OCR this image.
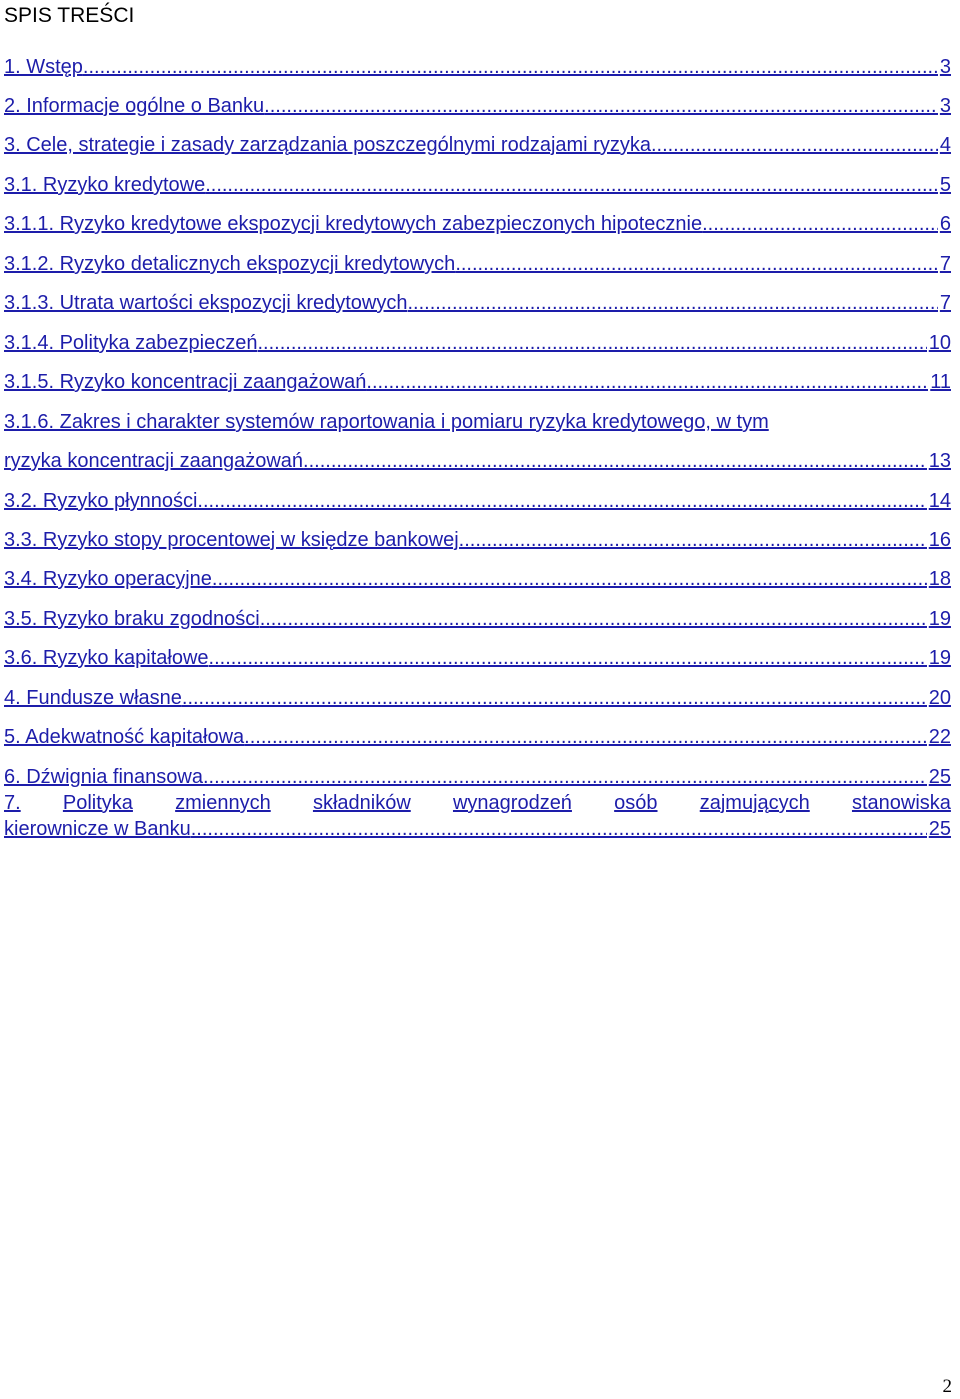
SPIS TREŚCI
1. Wstęp .....	3
2. Informacje ogólne o Banku .....	3
3. Cele, strategie i zasady zarządzania poszczególnymi rodzajami ryzyka .....	4
3.1. Ryzyko kredytowe .....	5
3.1.1. Ryzyko kredytowe ekspozycji kredytowych zabezpieczonych hipotecznie .....	6
3.1.2. Ryzyko detalicznych ekspozycji kredytowych .....	7
3.1.3. Utrata wartości ekspozycji kredytowych .....	7
3.1.4. Polityka zabezpieczeń .....	10
3.1.5. Ryzyko koncentracji zaangażowań .....	11
3.1.6. Zakres i charakter systemów raportowania i pomiaru ryzyka kredytowego, w tym
ryzyka koncentracji zaangażowań .....	13
3.2. Ryzyko płynności .....	14
3.3. Ryzyko stopy procentowej w księdze bankowej .....	16
3.4. Ryzyko operacyjne .....	18
3.5. Ryzyko braku zgodności .....	19
3.6. Ryzyko kapitałowe .....	19
4. Fundusze własne .....	20
5. Adekwatność kapitałowa .....	22
6. Dźwignia finansowa .....	25
7. Polityka zmiennych składników wynagrodzeń osób zajmujących stanowiska
kierownicze w Banku .....	25
2
